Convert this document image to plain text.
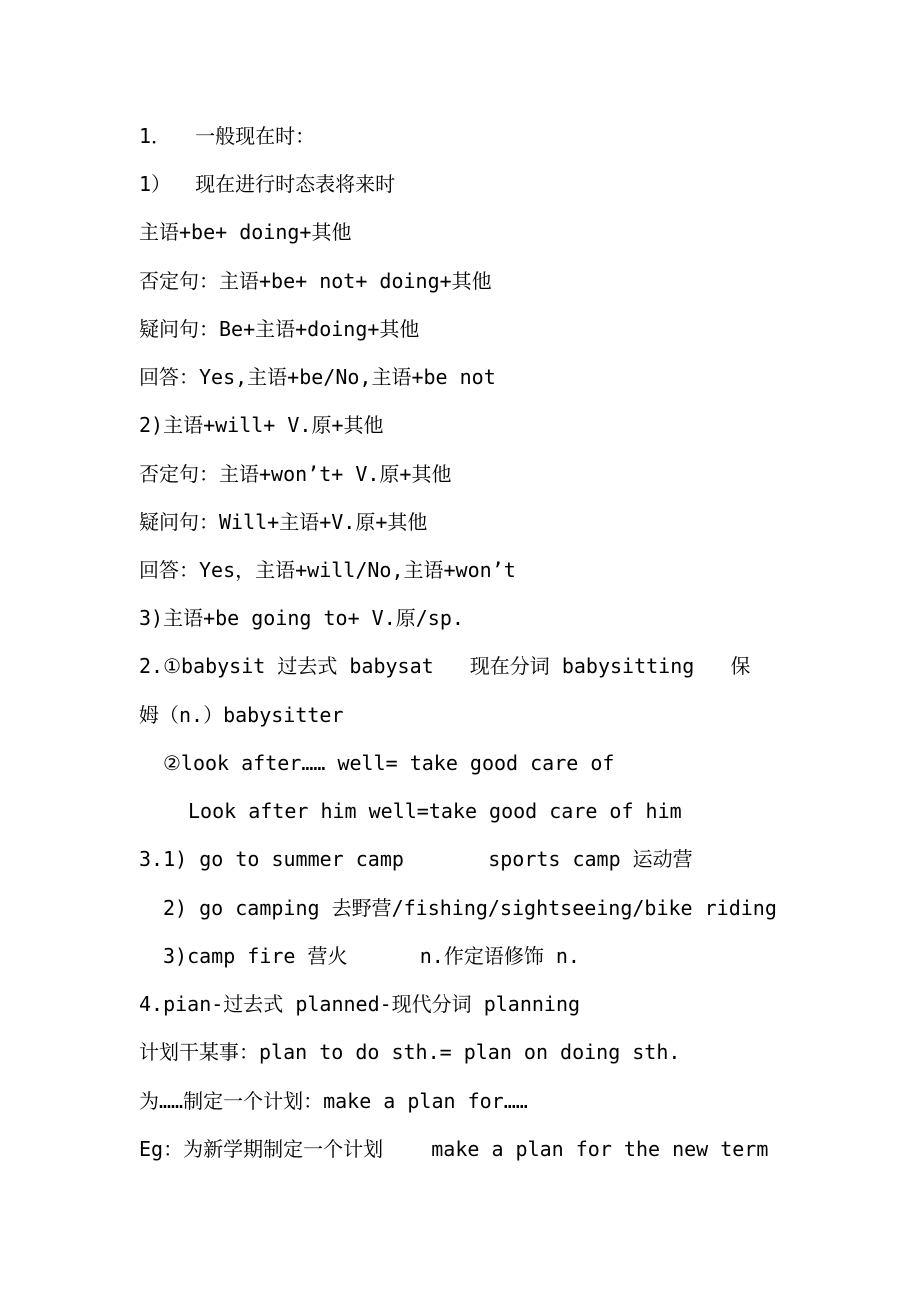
1．  一般现在时：
1）  现在进行时态表将来时
主语+be+ doing+其他
否定句：主语+be+ not+ doing+其他
疑问句：Be+主语+doing+其他
回答：Yes,主语+be/No,主语+be not
2)主语+will+ V.原+其他
否定句：主语+won’t+ V.原+其他
疑问句：Will+主语+V.原+其他
回答：Yes，主语+will/No,主语+won’t
3)主语+be going to+ V.原/sp.
2.①babysit 过去式 babysat   现在分词 babysitting   保
姆（n.）babysitter
②look after…… well= take good care of
Look after him well=take good care of him
3.1) go to summer camp       sports camp 运动营
2) go camping 去野营/fishing/sightseeing/bike riding
3)camp fire 营火      n.作定语修饰 n.
4.pian-过去式 planned-现代分词 planning
计划干某事：plan to do sth.= plan on doing sth.
为……制定一个计划：make a plan for……
Eg：为新学期制定一个计划    make a plan for the new term
